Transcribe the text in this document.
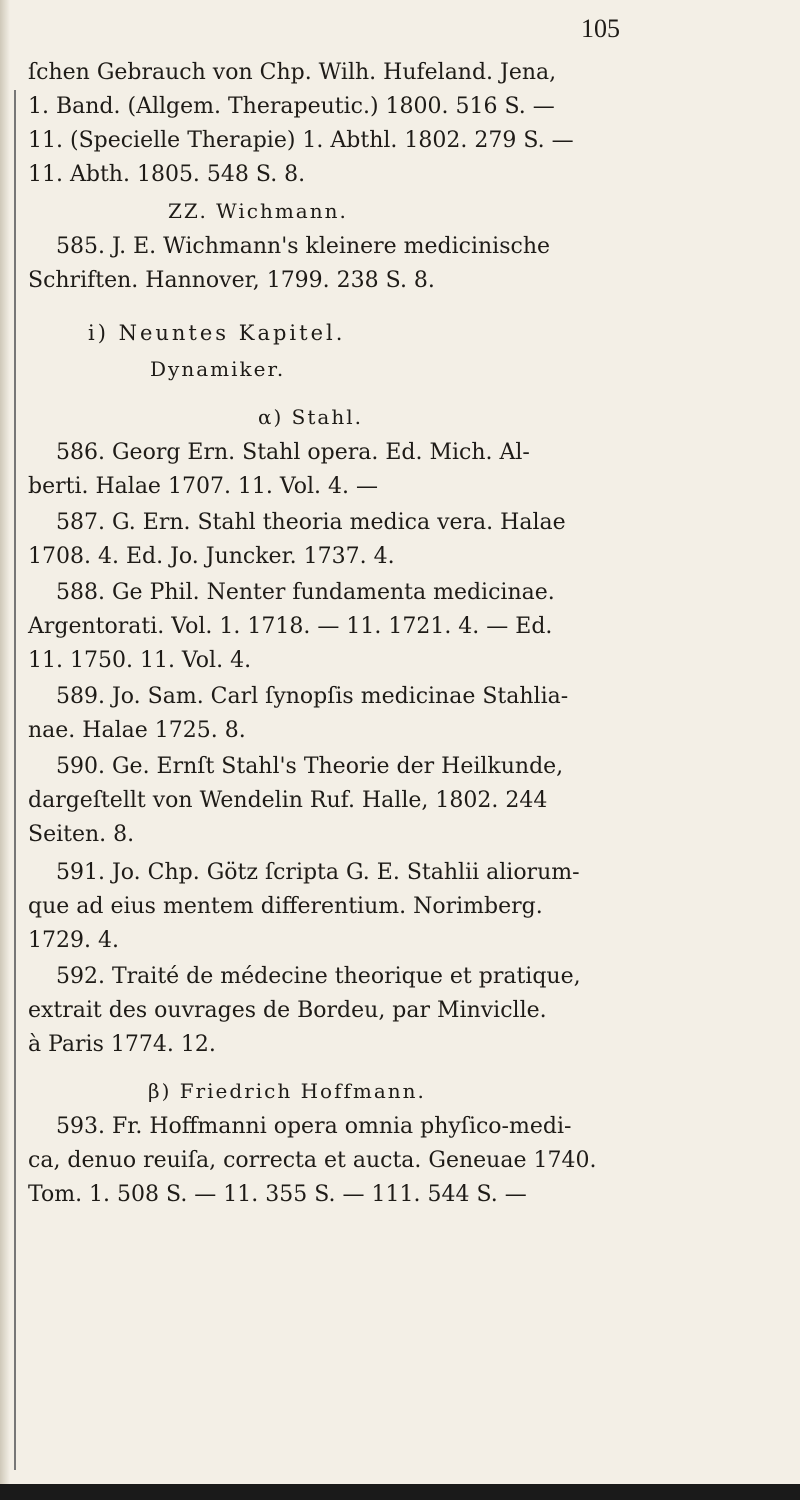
105
ſchen Gebrauch von Chp. Wilh. Hufeland. Jena,
1. Band. (Allgem. Therapeutic.) 1800. 516 S. —
11. (Specielle Therapie) 1. Abthl. 1802. 279 S. —
11. Abth. 1805. 548 S. 8.
ZZ. Wichmann.
585. J. E. Wichmann's kleinere medicinische
Schriften. Hannover, 1799. 238 S. 8.
i) Neuntes Kapitel.
Dynamiker.
α) Stahl.
586. Georg Ern. Stahl opera. Ed. Mich. Al-
berti. Halae 1707. 11. Vol. 4. —
587. G. Ern. Stahl theoria medica vera. Halae
1708. 4. Ed. Jo. Juncker. 1737. 4.
588. Ge Phil. Nenter fundamenta medicinae.
Argentorati. Vol. 1. 1718. — 11. 1721. 4. — Ed.
11. 1750. 11. Vol. 4.
589. Jo. Sam. Carl ſynopſis medicinae Stahlia-
nae. Halae 1725. 8.
590. Ge. Ernſt Stahl's Theorie der Heilkunde,
dargeſtellt von Wendelin Ruf. Halle, 1802. 244
Seiten. 8.
591. Jo. Chp. Götz ſcripta G. E. Stahlii aliorum-
que ad eius mentem differentium. Norimberg.
1729. 4.
592. Traité de médecine theorique et pratique,
extrait des ouvrages de Bordeu, par Minviclle.
à Paris 1774. 12.
β) Friedrich Hoffmann.
593. Fr. Hoffmanni opera omnia phyſico-medi-
ca, denuo reuiſa, correcta et aucta. Geneuae 1740.
Tom. 1. 508 S. — 11. 355 S. — 111. 544 S. —
